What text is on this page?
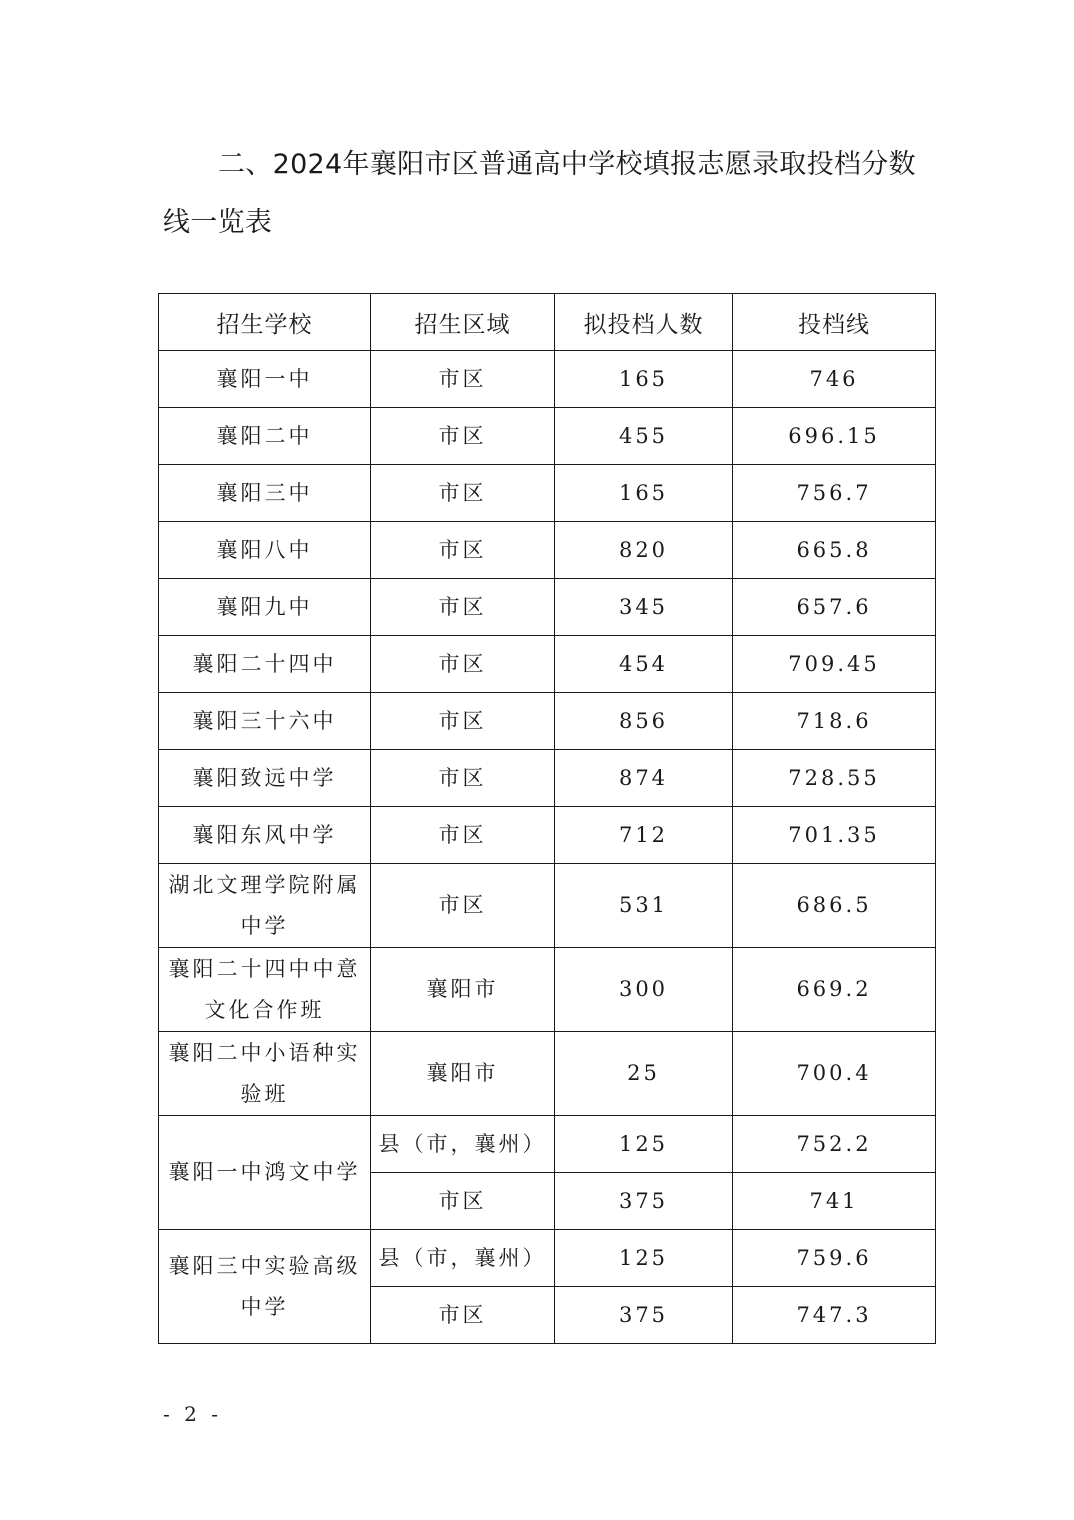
二、2024年襄阳市区普通高中学校填报志愿录取投档分数线一览表

招生学校	招生区域	拟投档人数	投档线
襄阳一中	市区	165	746
襄阳二中	市区	455	696.15
襄阳三中	市区	165	756.7
襄阳八中	市区	820	665.8
襄阳九中	市区	345	657.6
襄阳二十四中	市区	454	709.45
襄阳三十六中	市区	856	718.6
襄阳致远中学	市区	874	728.55
襄阳东风中学	市区	712	701.35
湖北文理学院附属中学	市区	531	686.5
襄阳二十四中中意文化合作班	襄阳市	300	669.2
襄阳二中小语种实验班	襄阳市	25	700.4
襄阳一中鸿文中学	县（市，襄州）	125	752.2
	市区	375	741
襄阳三中实验高级中学	县（市，襄州）	125	759.6
	市区	375	747.3
- 2 -
